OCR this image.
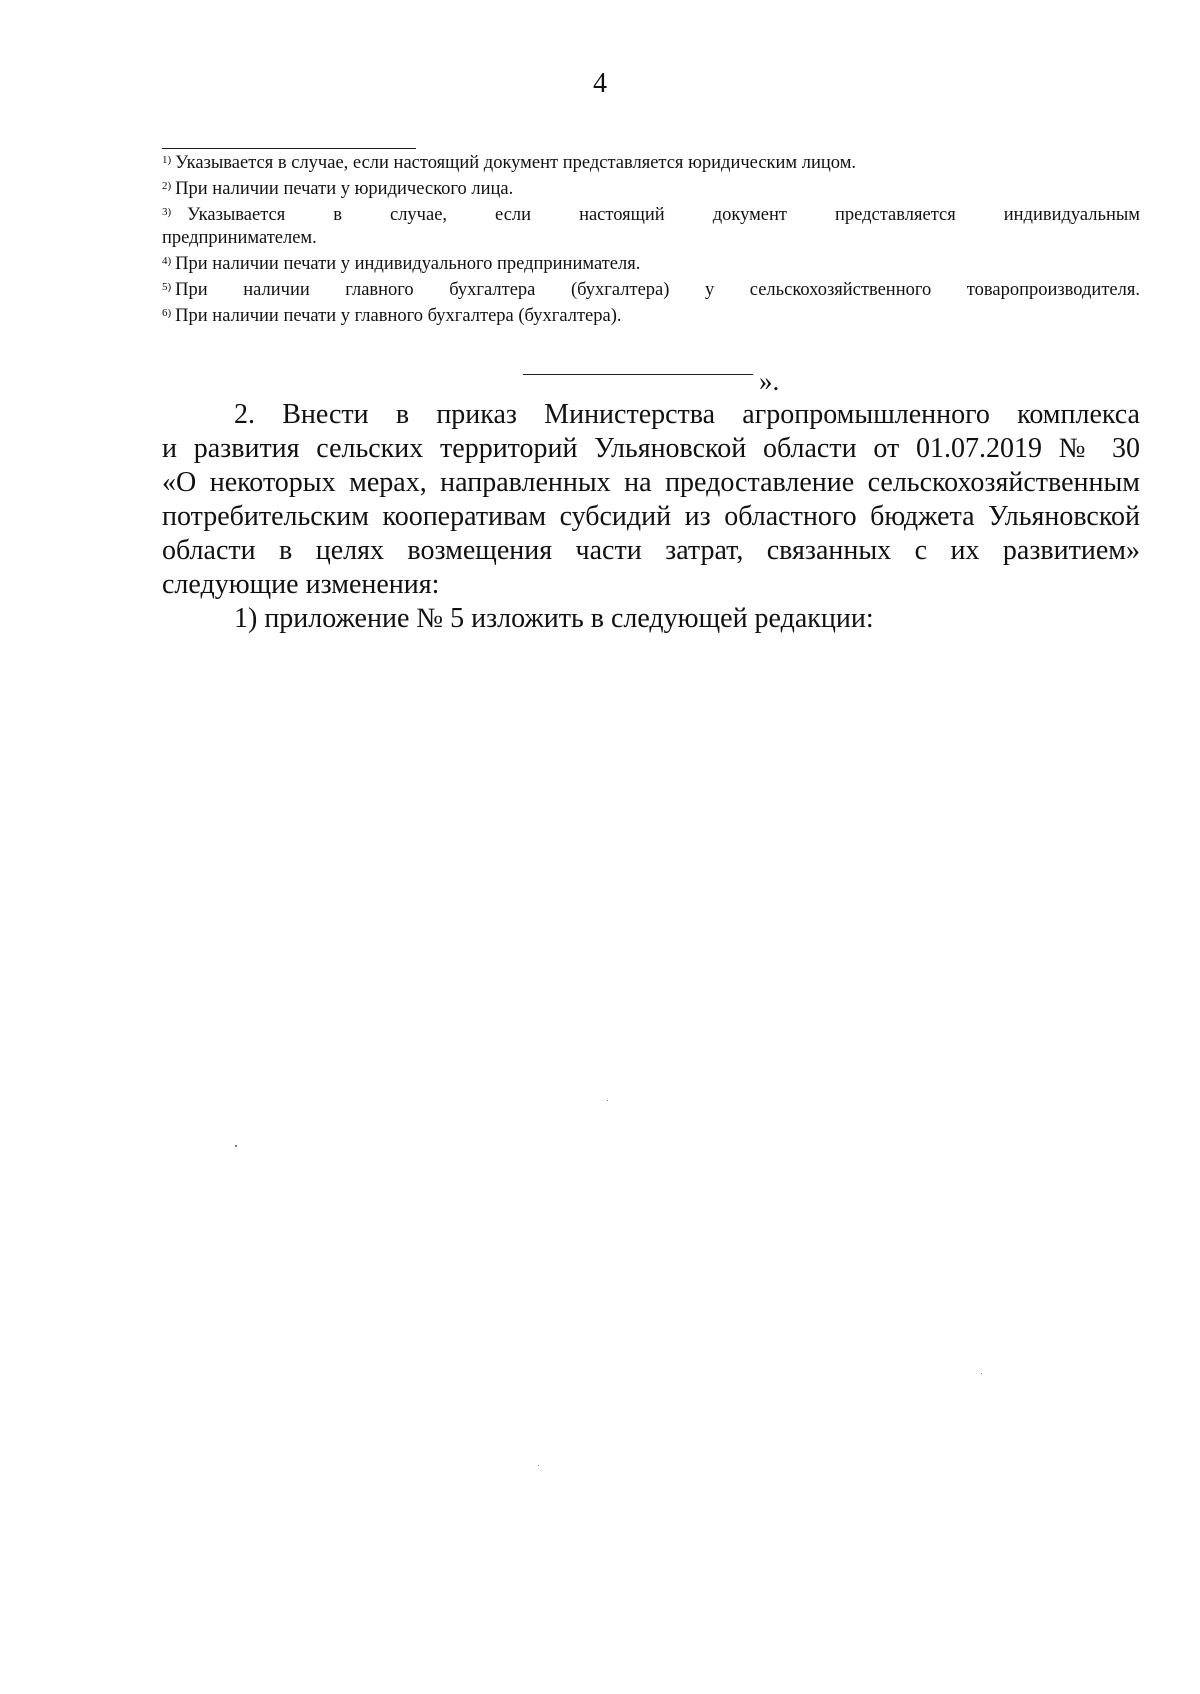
4

$^{1)}$ Указывается в случае, если настоящий документ представляется юридическим лицом.

$^{2)}$ При наличии печати у юридического лица.

$^{3)}$ Указывается в случае, если настоящий документ представляется индивидуальным

предпринимателем.

$^{4)}$ При наличии печати у индивидуального предпринимателя.

$^{5)}$ При наличии главного бухгалтера (бухгалтера) у сельскохозяйственного товаропроизводителя.

$^{6)}$ При наличии печати у главного бухгалтера (бухгалтера).

».

2. Внести в приказ Министерства агропромышленного комплекса
и развития сельских территорий Ульяновской области от 01.07.2019 № 30
«О некоторых мерах, направленных на предоставление сельскохозяйственным
потребительским кооперативам субсидий из областного бюджета Ульяновской
области в целях возмещения части затрат, связанных с их развитием»
следующие изменения:

1) приложение № 5 изложить в следующей редакции:
